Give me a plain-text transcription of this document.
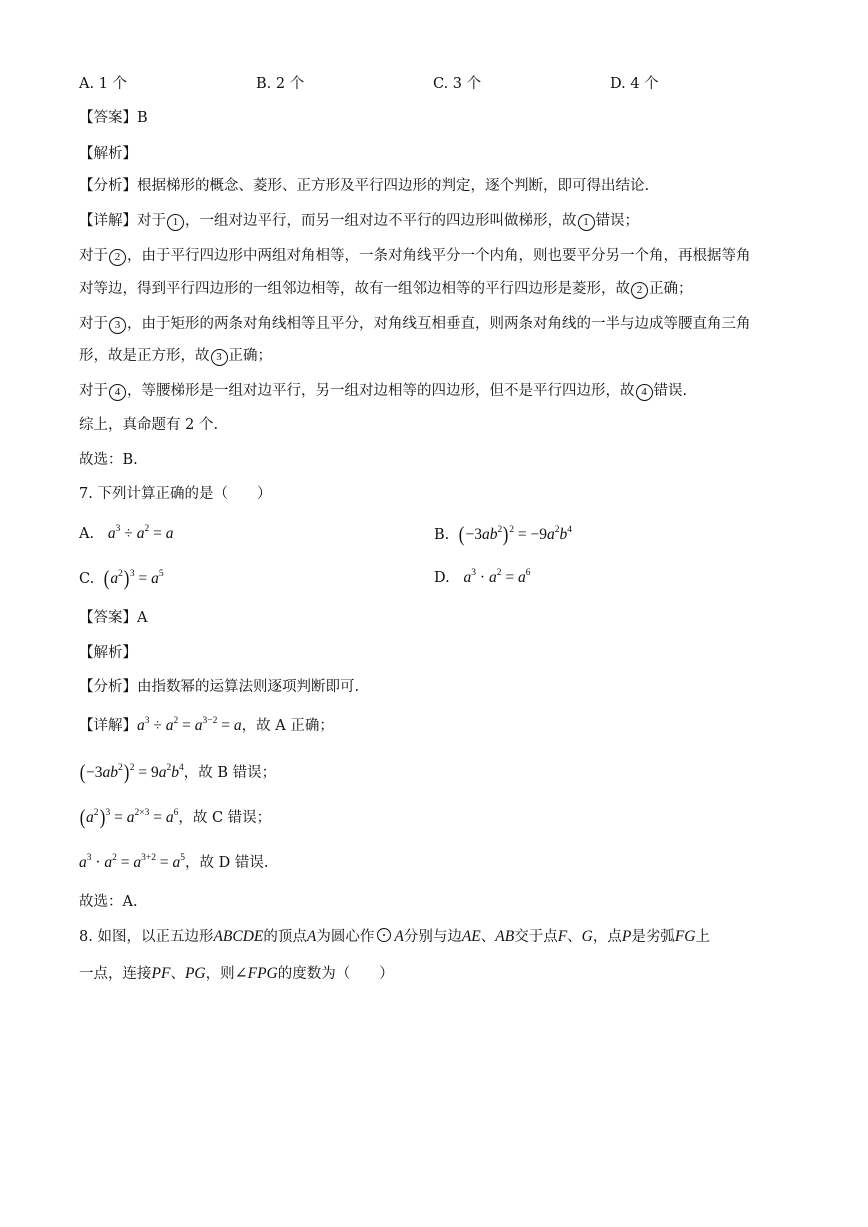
A. 1 个	B. 2 个	C. 3 个	D. 4 个
【答案】B
【解析】
【分析】根据梯形的概念、菱形、正方形及平行四边形的判定，逐个判断，即可得出结论.
【详解】对于 1 ，一组对边平行，而另一组对边不平行的四边形叫做梯形，故 1 错误；
对于 2 ，由于平行四边形中两组对角相等，一条对角线平分一个内角，则也要平分另一个角，再根据等角
对等边，得到平行四边形的一组邻边相等，故有一组邻边相等的平行四边形是菱形，故 2 正确；
对于 3 ，由于矩形的两条对角线相等且平分，对角线互相垂直，则两条对角线的一半与边成等腰直角三角
形，故是正方形，故 3 正确；
对于 4 ，等腰梯形是一组对边平行，另一组对边相等的四边形，但不是平行四边形，故 4 错误.
综上，真命题有 2 个.
故选：B.
7. 下列计算正确的是（　　）
A. $a^3 \div a^2 = a$	B. $(-3ab^2)^2 = -9a^2b^4$
C. $(a^2)^3 = a^5$	D. $a^3 \cdot a^2 = a^6$
【答案】A
【解析】
【分析】由指数幂的运算法则逐项判断即可.
【详解】$a^3 \div a^2 = a^{3-2} = a$，故 A 正确；
$(-3ab^2)^2 = 9a^2b^4$，故 B 错误；
$(a^2)^3 = a^{2\times 3} = a^6$，故 C 错误；
$a^3 \cdot a^2 = a^{3+2} = a^5$，故 D 错误.
故选：A.
8. 如图，以正五边形ABCDE的顶点A为圆心作 A分别与边AE、AB交于点F、G，点P是劣弧FG上
一点，连接PF、PG，则∠FPG的度数为（　　）
